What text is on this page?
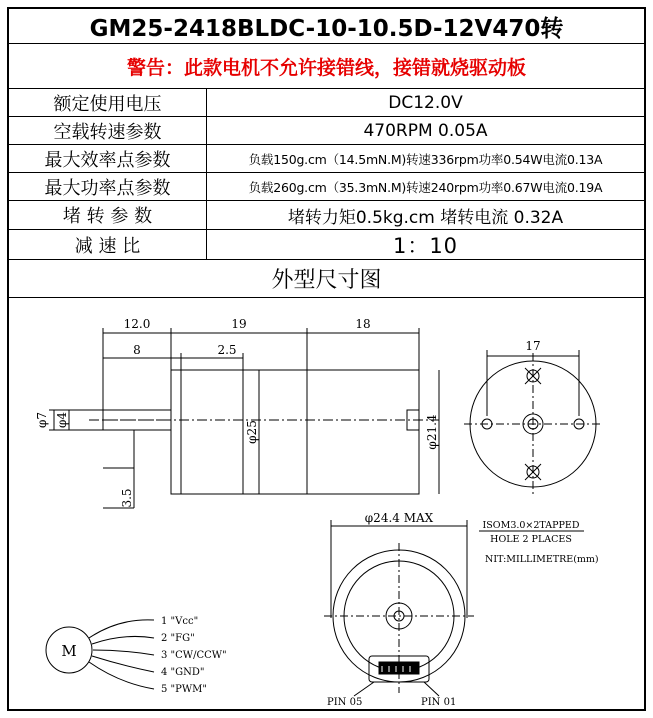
GM25-2418BLDC-10-10.5D-12V470转
警告：此款电机不允许接错线，接错就烧驱动板
额定使用电压	DC12.0V
空载转速参数	470RPM 0.05A
最大效率点参数	负载150g.cm（14.5mN.M)转速336rpm功率0.54W电流0.13A
最大功率点参数	负载260g.cm（35.3mN.M)转速240rpm功率0.67W电流0.19A
堵 转 参 数	堵转力矩0.5kg.cm 堵转电流 0.32A
减 速 比	1：10
外型尺寸图
12.0	19	18
8	2.5
φ7 φ4
φ25	φ21.4
3.5
17
φ24.4 MAX
ISOM3.0×2TAPPED
HOLE 2 PLACES
NIT:MILLIMETRE(mm)
M
1 "Vcc"
2 "FG"
3 "CW/CCW"
4 "GND"
5 "PWM"
PIN 05	PIN 01
